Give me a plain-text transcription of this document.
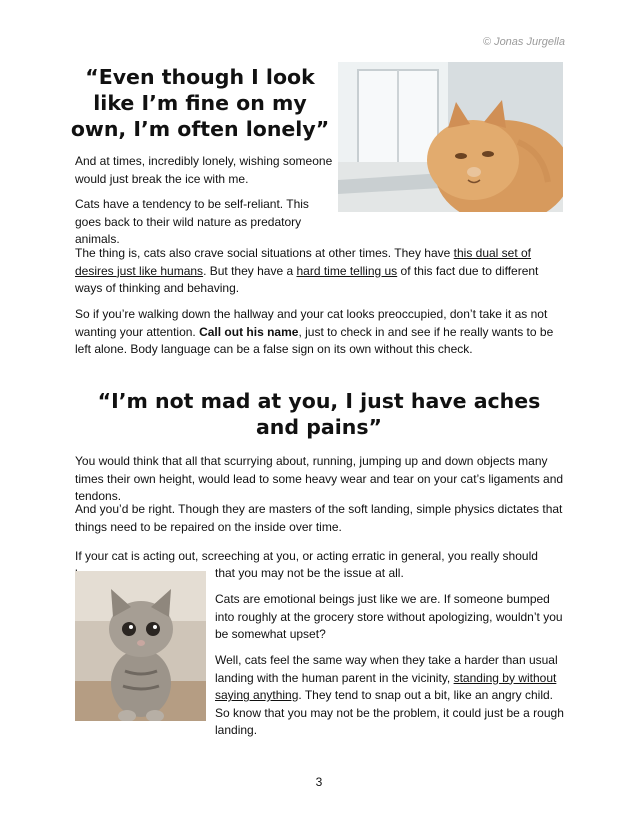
© Jonas Jurgella
“Even though I look like I’m fine on my own, I’m often lonely”

And at times, incredibly lonely, wishing someone would just break the ice with me.

Cats have a tendency to be self-reliant. This goes back to their wild nature as predatory animals.

The thing is, cats also crave social situations at other times. They have this dual set of desires just like humans. But they have a hard time telling us of this fact due to different ways of thinking and behaving.

So if you’re walking down the hallway and your cat looks preoccupied, don’t take it as not wanting your attention. Call out his name, just to check in and see if he really wants to be left alone. Body language can be a false sign on its own without this check.

“I’m not mad at you, I just have aches and pains”

You would think that all that scurrying about, running, jumping up and down objects many times their own height, would lead to some heavy wear and tear on your cat’s ligaments and tendons.

And you’d be right. Though they are masters of the soft landing, simple physics dictates that things need to be repaired on the inside over time.

If your cat is acting out, screeching at you, or acting erratic in general, you really should

that you may not be the issue at all.

Cats are emotional beings just like we are. If someone bumped into roughly at the grocery store without apologizing, wouldn’t you be somewhat upset?

Well, cats feel the same way when they take a harder than usual landing with the human parent in the vicinity, standing by without saying anything. They tend to snap out a bit, like an angry child. So know that you may not be the problem, it could just be a rough landing.

3
